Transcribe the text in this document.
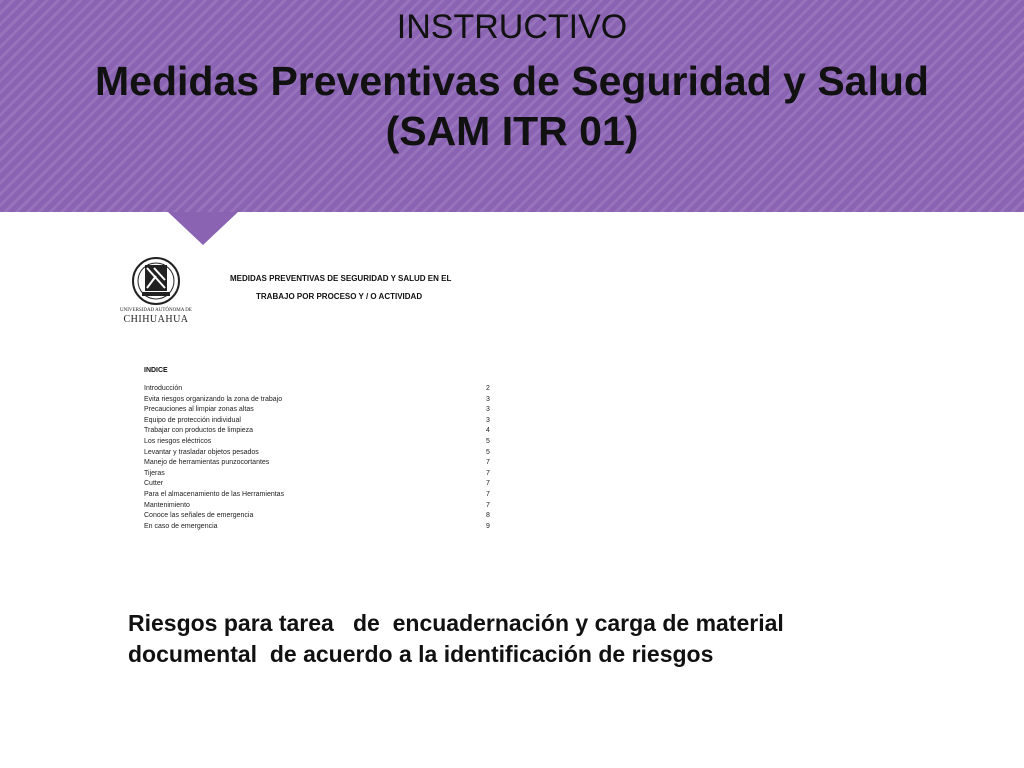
INSTRUCTIVO
Medidas Preventivas de Seguridad y Salud
(SAM ITR 01)
UNIVERSIDAD AUTÓNOMA DE
CHIHUAHUA
MEDIDAS PREVENTIVAS DE SEGURIDAD Y SALUD EN EL
TRABAJO POR PROCESO Y / O ACTIVIDAD
INDICE
Introducción	2
Evita riesgos organizando la zona de trabajo	3
Precauciones al limpiar zonas altas	3
Equipo de protección individual	3
Trabajar con productos de limpieza	4
Los riesgos eléctricos	5
Levantar y trasladar objetos pesados	5
Manejo de herramientas punzocortantes	7
Tijeras	7
Cutter	7
Para el almacenamiento de las Herramientas	7
Mantenimiento	7
Conoce las señales de emergencia	8
En caso de emergencia	9
Riesgos para tarea   de  encuadernación y carga de material documental  de acuerdo a la identificación de riesgos
